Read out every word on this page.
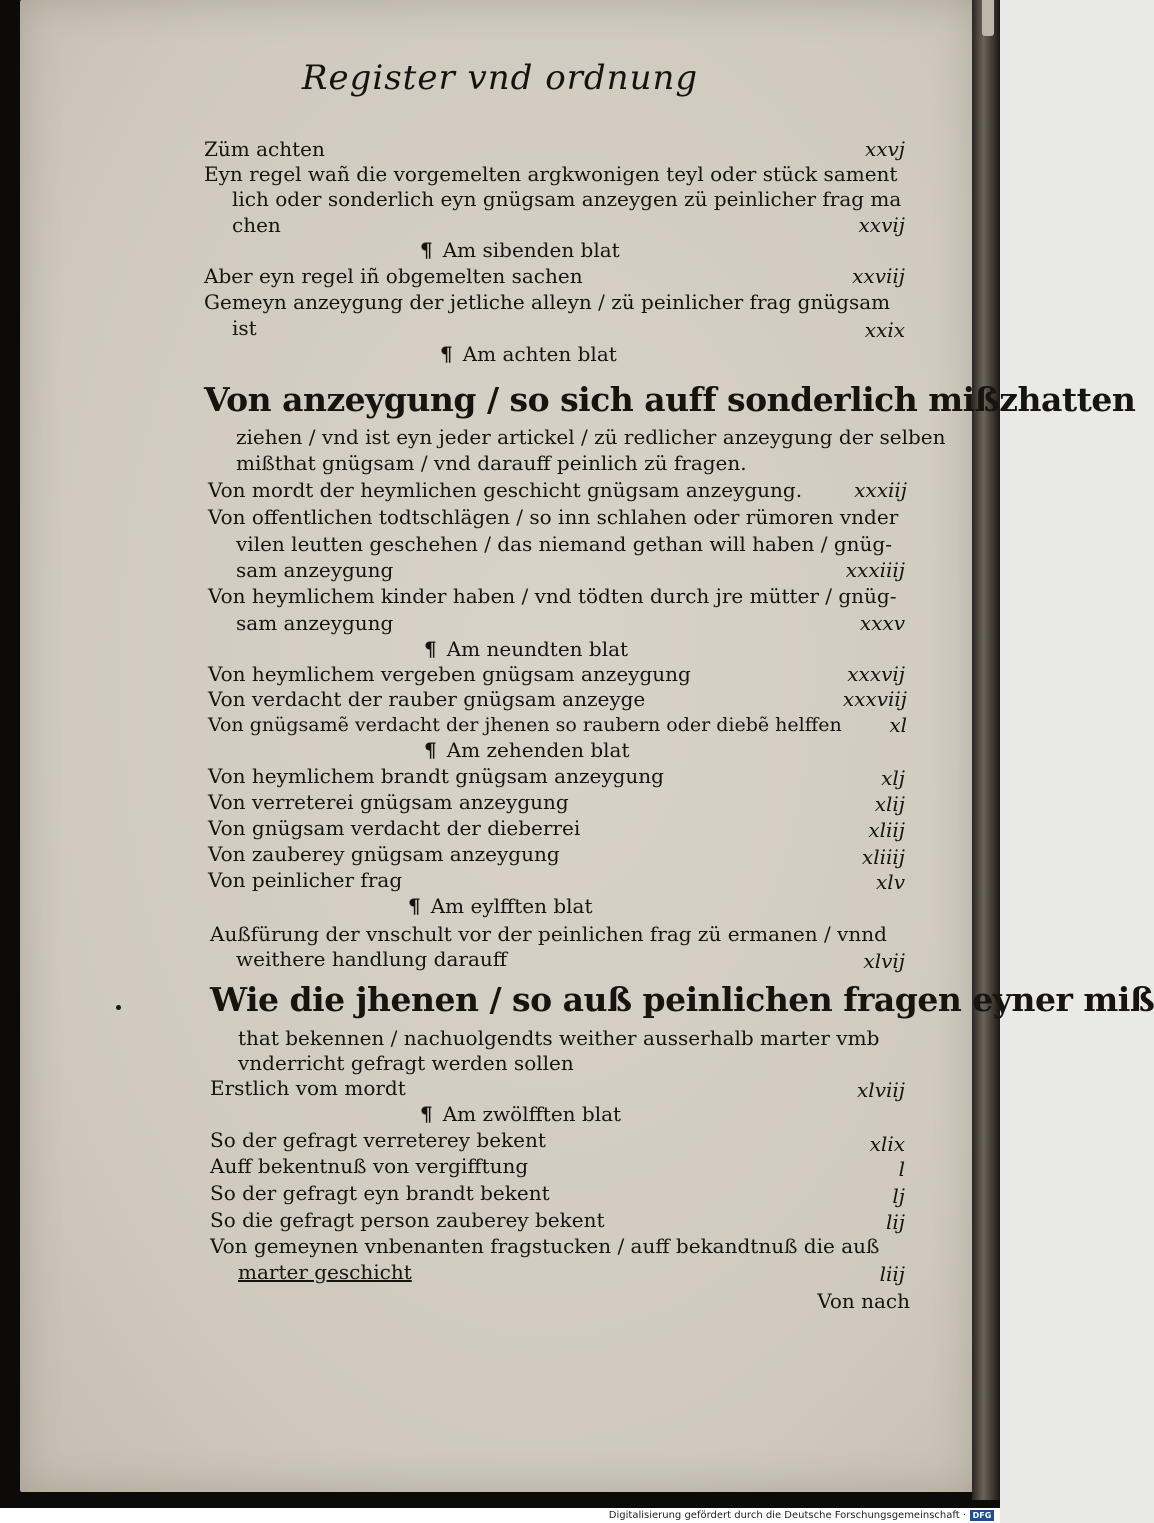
Register vnd ordnung
Züm achten	xxvj
Eyn regel wañ die vorgemelten argkwonigen teyl oder stück sament
lich oder sonderlich eyn gnügsam anzeygen zü peinlicher frag ma
chen	xxvij
¶ Am sibenden blat
Aber eyn regel iñ obgemelten sachen	xxviij
Gemeyn anzeygung der jetliche alleyn / zü peinlicher frag gnügsam
ist	xxix
¶ Am achten blat
Von anzeygung / so sich auff sonderlich mißzhatten
ziehen / vnd ist eyn jeder artickel / zü redlicher anzeygung der selben
mißthat gnügsam / vnd darauff peinlich zü fragen.
Von mordt der heymlichen geschicht gnügsam anzeygung.	xxxiij
Von offentlichen todtschlägen / so inn schlahen oder rümoren vnder
vilen leutten geschehen / das niemand gethan will haben / gnüg-
sam anzeygung	xxxiiij
Von heymlichem kinder haben / vnd tödten durch jre mütter / gnüg-
sam anzeygung	xxxv
¶ Am neundten blat
Von heymlichem vergeben gnügsam anzeygung	xxxvij
Von verdacht der rauber gnügsam anzeyge	xxxviij
Von gnügsamẽ verdacht der jhenen so raubern oder diebẽ helffen xl
¶ Am zehenden blat
Von heymlichem brandt gnügsam anzeygung	xlj
Von verreterei gnügsam anzeygung	xlij
Von gnügsam verdacht der dieberrei	xliij
Von zauberey gnügsam anzeygung	xliiij
Von peinlicher frag	xlv
¶ Am eylfften blat
Außfürung der vnschult vor der peinlichen frag zü ermanen / vnnd
weithere handlung darauff	xlvij
Wie die jhenen / so auß peinlichen fragen eyner miß
that bekennen / nachuolgendts weither ausserhalb marter vmb
vnderricht gefragt werden sollen
Erstlich vom mordt	xlviij
¶ Am zwölfften blat
So der gefragt verreterey bekent	xlix
Auff bekentnuß von vergifftung	l
So der gefragt eyn brandt bekent	lj
So die gefragt person zauberey bekent	lij
Von gemeynen vnbenanten fragstucken / auff bekandtnuß die auß
marter geschicht	liij
Von nach
Digitalisierung gefördert durch die Deutsche Forschungsgemeinschaft · DFG
